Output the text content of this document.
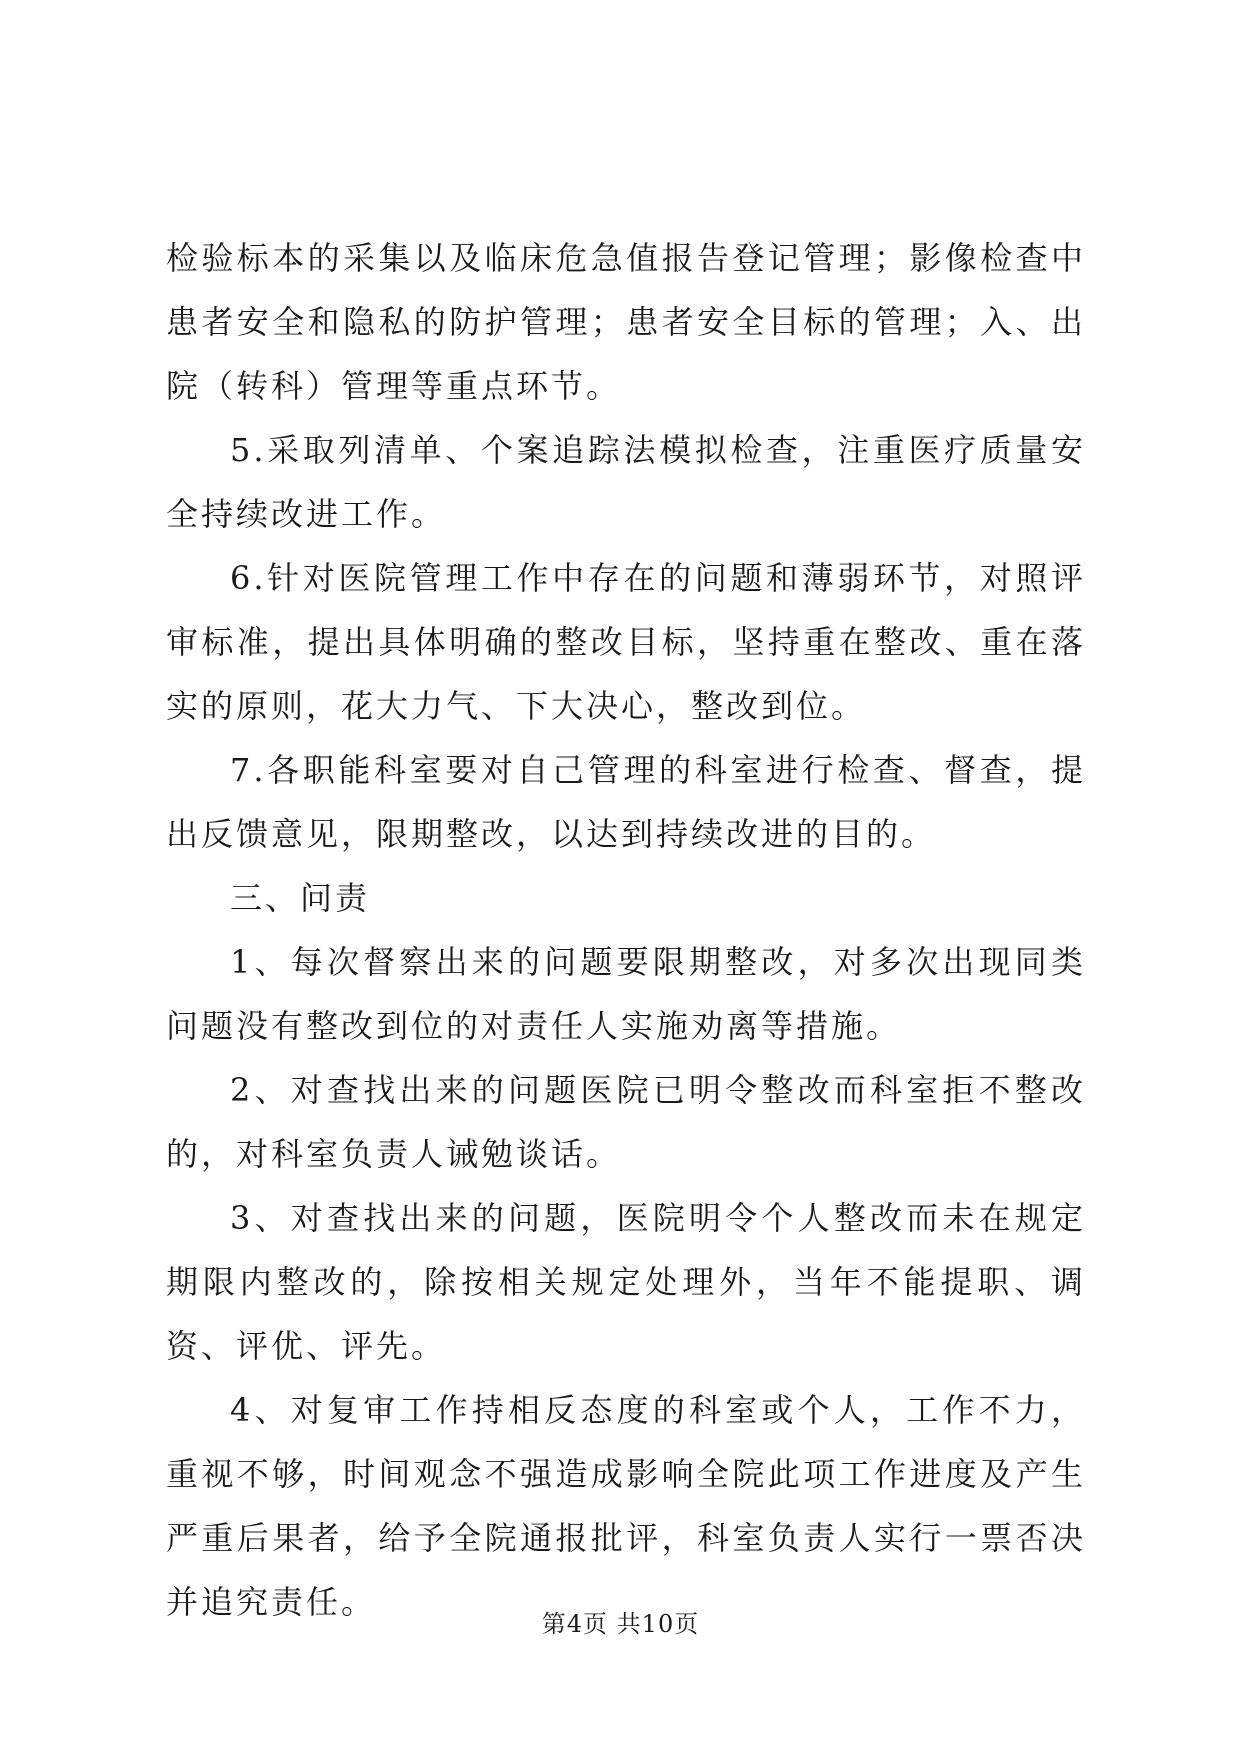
检验标本的采集以及临床危急值报告登记管理；影像检查中患者安全和隐私的防护管理；患者安全目标的管理；入、出院（转科）管理等重点环节。

5.采取列清单、个案追踪法模拟检查，注重医疗质量安全持续改进工作。

6.针对医院管理工作中存在的问题和薄弱环节，对照评审标准，提出具体明确的整改目标，坚持重在整改、重在落实的原则，花大力气、下大决心，整改到位。

7.各职能科室要对自己管理的科室进行检查、督查，提出反馈意见，限期整改，以达到持续改进的目的。

三、问责

1、每次督察出来的问题要限期整改，对多次出现同类问题没有整改到位的对责任人实施劝离等措施。

2、对查找出来的问题医院已明令整改而科室拒不整改的，对科室负责人诫勉谈话。

3、对查找出来的问题，医院明令个人整改而未在规定期限内整改的，除按相关规定处理外，当年不能提职、调资、评优、评先。

4、对复审工作持相反态度的科室或个人，工作不力，重视不够，时间观念不强造成影响全院此项工作进度及产生严重后果者，给予全院通报批评，科室负责人实行一票否决并追究责任。

第4页 共10页
